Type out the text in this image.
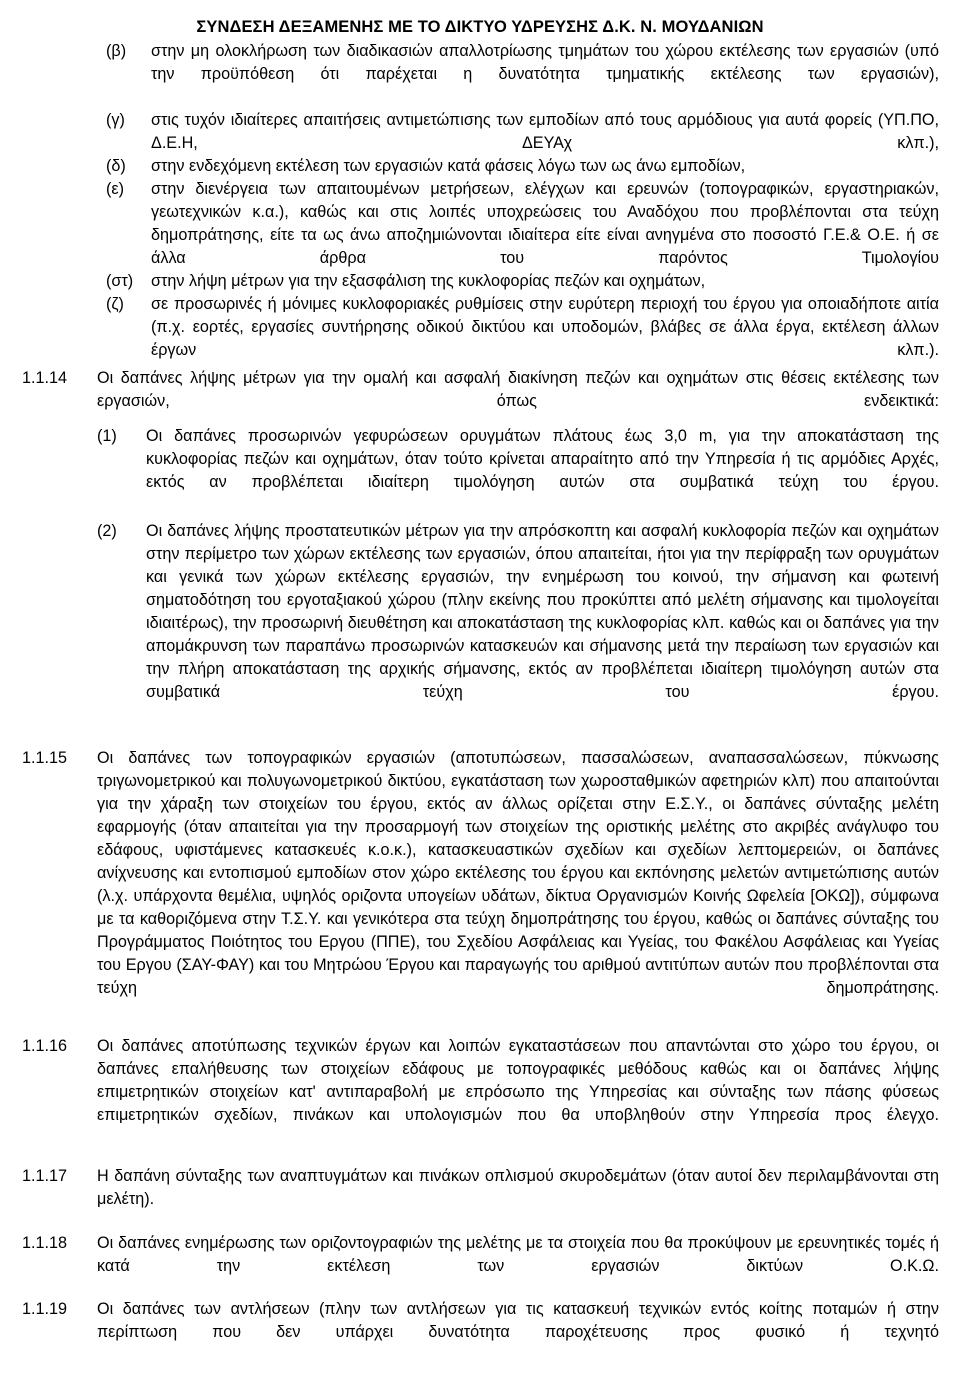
ΣΥΝΔΕΣΗ ΔΕΞΑΜΕΝΗΣ ΜΕ ΤΟ ΔΙΚΤΥΟ ΥΔΡΕΥΣΗΣ Δ.Κ. Ν. ΜΟΥΔΑΝΙΩΝ
(β) στην μη ολοκλήρωση των διαδικασιών απαλλοτρίωσης τμημάτων του χώρου εκτέλεσης των εργασιών (υπό την προϋπόθεση ότι παρέχεται η δυνατότητα τμηματικής εκτέλεσης των εργασιών),
(γ) στις τυχόν ιδιαίτερες απαιτήσεις αντιμετώπισης των εμποδίων από τους αρμόδιους για αυτά φορείς (ΥΠ.ΠΟ, Δ.Ε.Η, ΔΕΥΑχ κλπ.),
(δ) στην ενδεχόμενη εκτέλεση των εργασιών κατά φάσεις λόγω των ως άνω εμποδίων,
(ε) στην διενέργεια των απαιτουμένων μετρήσεων, ελέγχων και ερευνών (τοπογραφικών, εργαστηριακών, γεωτεχνικών κ.α.), καθώς και στις λοιπές υποχρεώσεις του Αναδόχου που προβλέπονται στα τεύχη δημοπράτησης, είτε τα ως άνω αποζημιώνονται ιδιαίτερα είτε είναι ανηγμένα στο ποσοστό Γ.Ε.& Ο.Ε. ή σε άλλα άρθρα του παρόντος Τιμολογίου
(στ) στην λήψη μέτρων για την εξασφάλιση της κυκλοφορίας πεζών και οχημάτων,
(ζ) σε προσωρινές ή μόνιμες κυκλοφοριακές ρυθμίσεις στην ευρύτερη περιοχή του έργου για οποιαδήποτε αιτία (π.χ. εορτές, εργασίες συντήρησης οδικού δικτύου και υποδομών, βλάβες σε άλλα έργα, εκτέλεση άλλων έργων κλπ.).
1.1.14 Οι δαπάνες λήψης μέτρων για την ομαλή και ασφαλή διακίνηση πεζών και οχημάτων στις θέσεις εκτέλεσης των εργασιών, όπως ενδεικτικά:
(1) Οι δαπάνες προσωρινών γεφυρώσεων ορυγμάτων πλάτους έως 3,0 m, για την αποκατάσταση της κυκλοφορίας πεζών και οχημάτων, όταν τούτο κρίνεται απαραίτητο από την Υπηρεσία ή τις αρμόδιες Αρχές, εκτός αν προβλέπεται ιδιαίτερη τιμολόγηση αυτών στα συμβατικά τεύχη του έργου.
(2) Οι δαπάνες λήψης προστατευτικών μέτρων για την απρόσκοπτη και ασφαλή κυκλοφορία πεζών και οχημάτων στην περίμετρο των χώρων εκτέλεσης των εργασιών, όπου απαιτείται, ήτοι για την περίφραξη των ορυγμάτων και γενικά των χώρων εκτέλεσης εργασιών, την ενημέρωση του κοινού, την σήμανση και φωτεινή σηματοδότηση του εργοταξιακού χώρου (πλην εκείνης που προκύπτει από μελέτη σήμανσης και τιμολογείται ιδιαιτέρως), την προσωρινή διευθέτηση και αποκατάσταση της κυκλοφορίας κλπ. καθώς και οι δαπάνες για την απομάκρυνση των παραπάνω προσωρινών κατασκευών και σήμανσης μετά την περαίωση των εργασιών και την πλήρη αποκατάσταση της αρχικής σήμανσης, εκτός αν προβλέπεται ιδιαίτερη τιμολόγηση αυτών στα συμβατικά τεύχη του έργου.
1.1.15 Οι δαπάνες των τοπογραφικών εργασιών (αποτυπώσεων, πασσαλώσεων, αναπασσαλώσεων, πύκνωσης τριγωνομετρικού και πολυγωνομετρικού δικτύου, εγκατάσταση των χωροσταθμικών αφετηριών κλπ) που απαιτούνται για την χάραξη των στοιχείων του έργου, εκτός αν άλλως ορίζεται στην Ε.Σ.Υ., οι δαπάνες σύνταξης μελέτη εφαρμογής (όταν απαιτείται για την προσαρμογή των στοιχείων της οριστικής μελέτης στο ακριβές ανάγλυφο του εδάφους, υφιστάμενες κατασκευές κ.ο.κ.), κατασκευαστικών σχεδίων και σχεδίων λεπτομερειών, οι δαπάνες ανίχνευσης και εντοπισμού εμποδίων στον χώρο εκτέλεσης του έργου και εκπόνησης μελετών αντιμετώπισης αυτών (λ.χ. υπάρχοντα θεμέλια, υψηλός οριζοντα υπογείων υδάτων, δίκτυα Οργανισμών Κοινής Ωφελεία [ΟΚΩ]), σύμφωνα με τα καθοριζόμενα στην Τ.Σ.Υ. και γενικότερα στα τεύχη δημοπράτησης του έργου, καθώς οι δαπάνες σύνταξης του Προγράμματος Ποιότητος του Εργου (ΠΠΕ), του Σχεδίου Ασφάλειας και Υγείας, του Φακέλου Ασφάλειας και Υγείας του Εργου (ΣΑΥ-ΦΑΥ) και του Μητρώου Έργου και παραγωγής του αριθμού αντιτύπων αυτών που προβλέπονται στα τεύχη δημοπράτησης.
1.1.16 Οι δαπάνες αποτύπωσης τεχνικών έργων και λοιπών εγκαταστάσεων που απαντώνται στο χώρο του έργου, οι δαπάνες επαλήθευσης των στοιχείων εδάφους με τοπογραφικές μεθόδους καθώς και οι δαπάνες λήψης επιμετρητικών στοιχείων κατ' αντιπαραβολή με επρόσωπο της Υπηρεσίας και σύνταξης των πάσης φύσεως επιμετρητικών σχεδίων, πινάκων και υπολογισμών που θα υποβληθούν στην Υπηρεσία προς έλεγχο.
1.1.17 Η δαπάνη σύνταξης των αναπτυγμάτων και πινάκων οπλισμού σκυροδεμάτων (όταν αυτοί δεν περιλαμβάνονται στη μελέτη).
1.1.18 Οι δαπάνες ενημέρωσης των οριζοντογραφιών της μελέτης με τα στοιχεία που θα προκύψουν με ερευνητικές τομές ή κατά την εκτέλεση των εργασιών δικτύων Ο.Κ.Ω.
1.1.19 Οι δαπάνες των αντλήσεων (πλην των αντλήσεων για τις κατασκευή τεχνικών εντός κοίτης ποταμών ή στην περίπτωση που δεν υπάρχει δυνατότητα παροχέτευσης προς φυσικό ή τεχνητό
